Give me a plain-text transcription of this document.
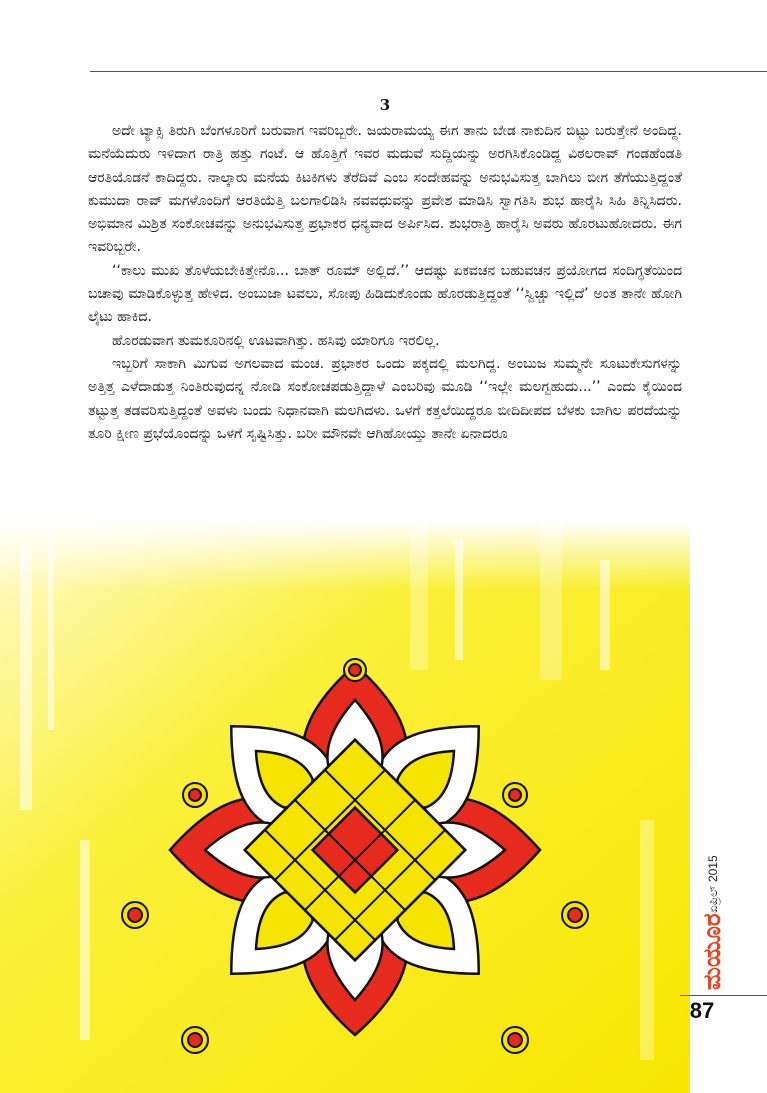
3

ಅದೇ ಟ್ಯಾಕ್ಸಿ ತಿರುಗಿ ಬೆಂಗಳೂರಿಗೆ ಬರುವಾಗ ಇವರಿಬ್ಬರೇ. ಜಯರಾಮಯ್ಯ ಈಗ ತಾನು ಬೇಡ ನಾಕುದಿನ ಬಿಟ್ಟು ಬರುತ್ತೇನೆ ಅಂದಿದ್ದ. ಮನೆಯೆದುರು ಇಳಿದಾಗ ರಾತ್ರಿ ಹತ್ತು ಗಂಟೆ. ಆ ಹೊತ್ತಿಗೆ ಇವರ ಮದುವೆ ಸುದ್ದಿಯನ್ನು ಅರಗಿಸಿಕೊಂಡಿದ್ದ ವಿಠಲರಾವ್ ಗಂಡಹೆಂಡತಿ ಆರತಿಯೊಡನೆ ಕಾದಿದ್ದರು. ನಾಲ್ಕಾರು ಮನೆಯ ಕಿಟಕಿಗಳು ತೆರೆದಿವೆ ಎಂಬ ಸಂದೇಹವನ್ನು ಅನುಭವಿಸುತ್ತ ಬಾಗಿಲು ಬೀಗ ತೆಗೆಯುತ್ತಿದ್ದಂತೆ ಕುಮುದಾ ರಾವ್ ಮಗಳೊಂದಿಗೆ ಆರತಿಯೆತ್ತಿ ಬಲಗಾಲಿಡಿಸಿ ನವವಧುವನ್ನು ಪ್ರವೇಶ ಮಾಡಿಸಿ ಸ್ವಾಗತಿಸಿ ಶುಭ ಹಾರೈಸಿ ಸಿಹಿ ತಿನ್ನಿಸಿದರು. ಅಭಿಮಾನ ಮಿಶ್ರಿತ ಸಂಕೋಚವನ್ನು ಅನುಭವಿಸುತ್ತ ಪ್ರಭಾಕರ ಧನ್ಯವಾದ ಅರ್ಪಿಸಿದ. ಶುಭರಾತ್ರಿ ಹಾರೈಸಿ ಅವರು ಹೊರಟುಹೋದರು. ಈಗ ಇವರಿಬ್ಬರೇ.

‘‘ಕಾಲು ಮುಖ ತೊಳೆಯಬೇಕಿತ್ತೇನೊ... ಬಾತ್ ರೂಮ್ ಅಲ್ಲಿದೆ.’’ ಆದಷ್ಟು ಏಕವಚನ ಬಹುವಚನ ಪ್ರಯೋಗದ ಸಂದಿಗ್ಧತೆಯಿಂದ ಬಚಾವು ಮಾಡಿಕೊಳ್ಳುತ್ತ ಹೇಳಿದ. ಅಂಬುಜಾ ಟವಲು, ಸೋಪು ಹಿಡಿದುಕೊಂಡು ಹೊರಡುತ್ತಿದ್ದಂತೆ ‘‘ಸ್ವಿಚ್ಚು ಇಲ್ಲಿದೆ’ ಅಂತ ತಾನೇ ಹೋಗಿ ಲೈಟು ಹಾಕಿದ.

ಹೊರಡುವಾಗ ತುಮಕೂರಿನಲ್ಲಿ ಊಟವಾಗಿತ್ತು. ಹಸಿವು ಯಾರಿಗೂ ಇರಲಿಲ್ಲ.

ಇಬ್ಬರಿಗೆ ಸಾಕಾಗಿ ಮಿಗುವ ಅಗಲವಾದ ಮಂಚ. ಪ್ರಭಾಕರ ಒಂದು ಪಕ್ಕದಲ್ಲಿ ಮಲಗಿದ್ದ. ಅಂಬುಜ ಸುಮ್ಮನೇ ಸೂಟುಕೇಸುಗಳನ್ನು ಅತ್ತಿತ್ತ ಎಳೆದಾಡುತ್ತ ನಿಂತಿರುವುದನ್ನ ನೋಡಿ ಸಂಕೋಚಪಡುತ್ತಿದ್ದಾಳೆ ಎಂಬರಿವು ಮೂಡಿ ‘‘ಇಲ್ಲೇ ಮಲಗ್ಬಹುದು...’’ ಎಂದು ಕೈಯಿಂದ ತಟ್ಟುತ್ತ ತಡವರಿಸುತ್ತಿದ್ದಂತೆ ಅವಳು ಬಂದು ನಿಧಾನವಾಗಿ ಮಲಗಿದಳು. ಒಳಗೆ ಕತ್ತಲೆಯಿದ್ದರೂ ಬೀದಿದೀಪದ ಬೆಳಕು ಬಾಗಿಲ ಪರದೆಯನ್ನು ತೂರಿ ಕ್ಷೀಣ ಪ್ರಭೆಯೊಂದನ್ನು ಒಳಗೆ ಸೃಷ್ಟಿಸಿತ್ತು. ಬರೀ ಮೌನವೇ ಆಗಿಹೋಯ್ತು ತಾನೇ ಏನಾದರೂ

ಮಯೂರ
ಏಪ್ರಿಲ್ 2015
87
